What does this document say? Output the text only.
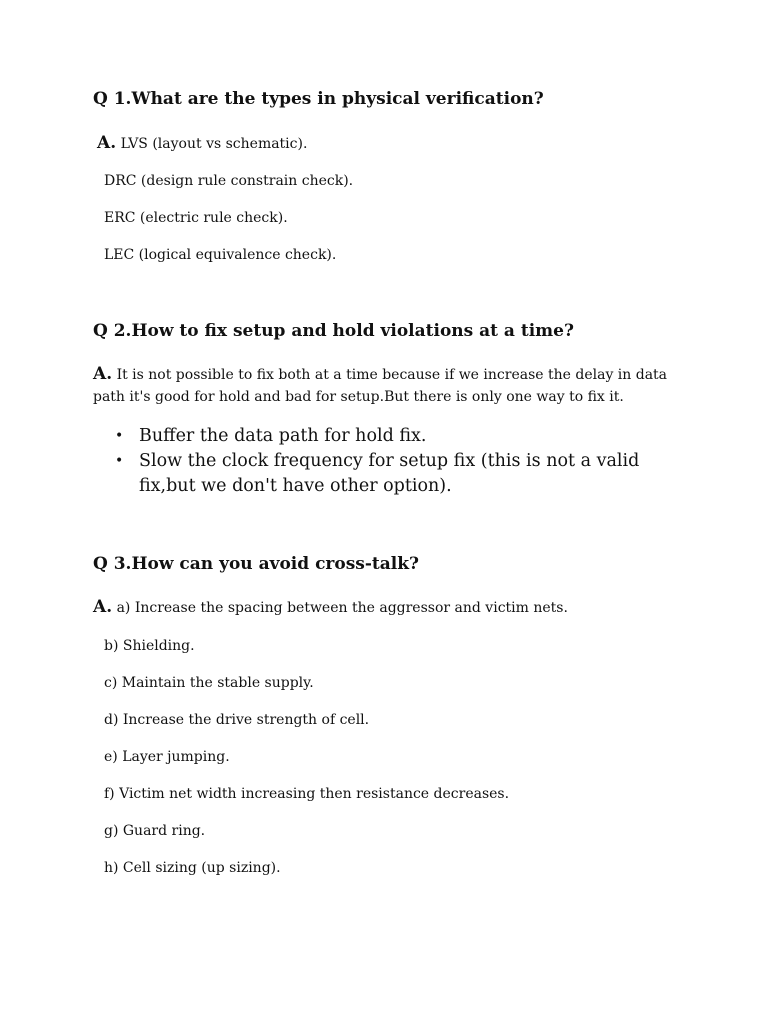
Q 1.What are the types in physical verification?
A. LVS (layout vs schematic).
DRC (design rule constrain check).
ERC (electric rule check).
LEC (logical equivalence check).
Q 2.How to fix setup and hold violations at a time?
A. It is not possible to fix both at a time because if we increase the delay in data path it's good for hold and bad for setup.But there is only one way to fix it.
• Buffer the data path for hold fix.
• Slow the clock frequency for setup fix (this is not a valid fix,but we don't have other option).
Q 3.How can you avoid cross-talk?
A. a) Increase the spacing between the aggressor and victim nets.
b) Shielding.
c) Maintain the stable supply.
d) Increase the drive strength of cell.
e) Layer jumping.
f) Victim net width increasing then resistance decreases.
g) Guard ring.
h) Cell sizing (up sizing).
